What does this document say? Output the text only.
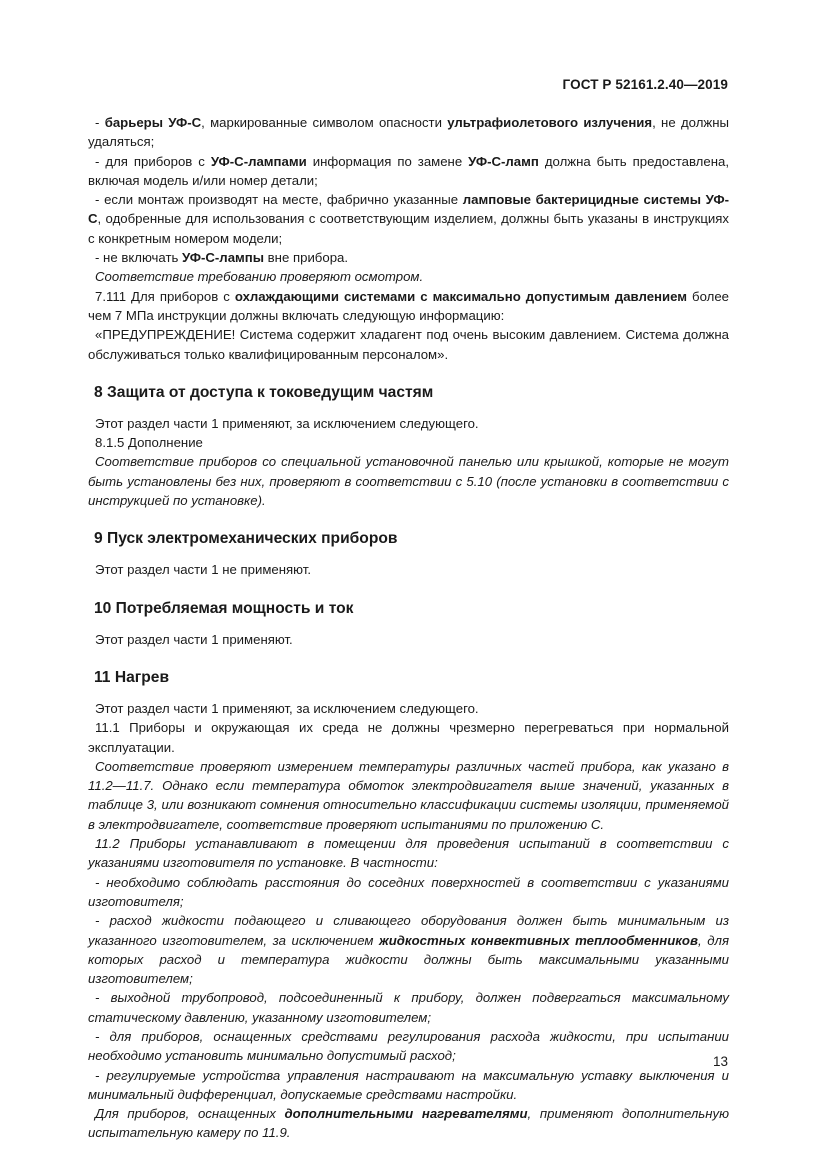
ГОСТ Р 52161.2.40—2019

- барьеры УФ-С, маркированные символом опасности ультрафиолетового излучения, не должны удаляться;

- для приборов с УФ-С-лампами информация по замене УФ-С-ламп должна быть предоставлена, включая модель и/или номер детали;

- если монтаж производят на месте, фабрично указанные ламповые бактерицидные системы УФ-С, одобренные для использования с соответствующим изделием, должны быть указаны в инструкциях с конкретным номером модели;

- не включать УФ-С-лампы вне прибора.

Соответствие требованию проверяют осмотром.

7.111 Для приборов с охлаждающими системами с максимально допустимым давлением более чем 7 МПа инструкции должны включать следующую информацию:

«ПРЕДУПРЕЖДЕНИЕ! Система содержит хладагент под очень высоким давлением. Система должна обслуживаться только квалифицированным персоналом».

8 Защита от доступа к токоведущим частям

Этот раздел части 1 применяют, за исключением следующего.

8.1.5 Дополнение

Соответствие приборов со специальной установочной панелью или крышкой, которые не могут быть установлены без них, проверяют в соответствии с 5.10 (после установки в соответствии с инструкцией по установке).

9 Пуск электромеханических приборов

Этот раздел части 1 не применяют.

10 Потребляемая мощность и ток

Этот раздел части 1 применяют.

11 Нагрев

Этот раздел части 1 применяют, за исключением следующего.

11.1 Приборы и окружающая их среда не должны чрезмерно перегреваться при нормальной эксплуатации.

Соответствие проверяют измерением температуры различных частей прибора, как указано в 11.2—11.7. Однако если температура обмоток электродвигателя выше значений, указанных в таблице 3, или возникают сомнения относительно классификации системы изоляции, применяемой в электродвигателе, соответствие проверяют испытаниями по приложению С.

11.2 Приборы устанавливают в помещении для проведения испытаний в соответствии с указаниями изготовителя по установке. В частности:

- необходимо соблюдать расстояния до соседних поверхностей в соответствии с указаниями изготовителя;

- расход жидкости подающего и сливающего оборудования должен быть минимальным из указанного изготовителем, за исключением жидкостных конвективных теплообменников, для которых расход и температура жидкости должны быть максимальными указанными изготовителем;

- выходной трубопровод, подсоединенный к прибору, должен подвергаться максимальному статическому давлению, указанному изготовителем;

- для приборов, оснащенных средствами регулирования расхода жидкости, при испытании необходимо установить минимально допустимый расход;

- регулируемые устройства управления настраивают на максимальную уставку выключения и минимальный дифференциал, допускаемые средствами настройки.

Для приборов, оснащенных дополнительными нагревателями, применяют дополнительную испытательную камеру по 11.9.

13
